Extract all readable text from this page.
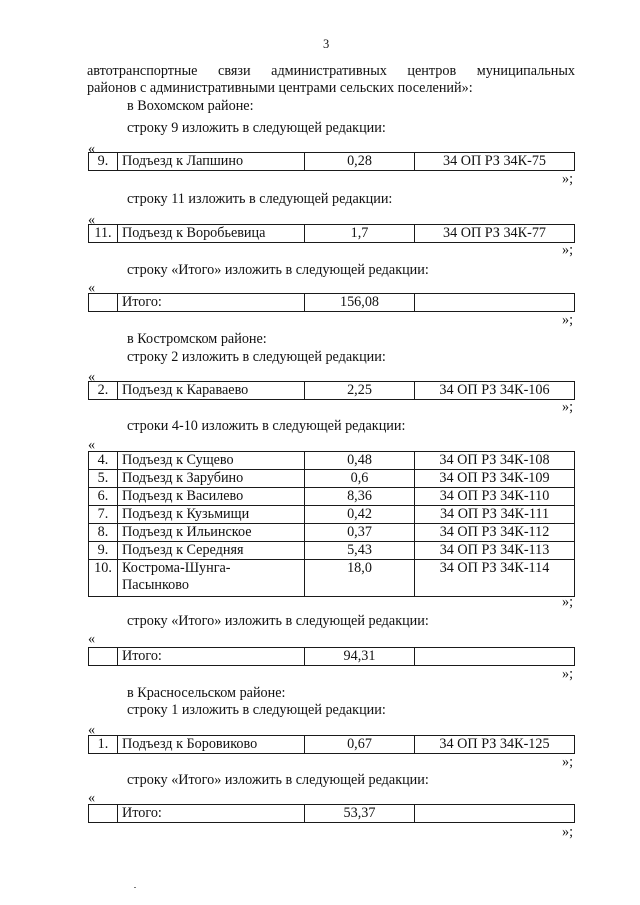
3
автотранспортные связи административных центров муниципальных
районов с административными центрами сельских поселений»:
в Вохомском районе:
строку 9 изложить в следующей редакции:
«
9.	Подъезд к Лапшино	0,28	34 ОП РЗ 34К-75
»;
строку 11 изложить в следующей редакции:
«
11.	Подъезд к Воробьевица	1,7	34 ОП РЗ 34К-77
»;
строку «Итого» изложить в следующей редакции:
«
	Итого:	156,08	
»;
в Костромском районе:
строку 2 изложить в следующей редакции:
«
2.	Подъезд к Караваево	2,25	34 ОП РЗ 34К-106
»;
строки 4-10 изложить в следующей редакции:
«
4.	Подъезд к Сущево	0,48	34 ОП РЗ 34К-108
5.	Подъезд к Зарубино	0,6	34 ОП РЗ 34К-109
6.	Подъезд к Василево	8,36	34 ОП РЗ 34К-110
7.	Подъезд к Кузьмищи	0,42	34 ОП РЗ 34К-111
8.	Подъезд к Ильинское	0,37	34 ОП РЗ 34К-112
9.	Подъезд к Середняя	5,43	34 ОП РЗ 34К-113
10.	Кострома-Шунга-
Пасынково	18,0	34 ОП РЗ 34К-114
»;
строку «Итого» изложить в следующей редакции:
«
	Итого:	94,31	
»;
в Красносельском районе:
строку 1 изложить в следующей редакции:
«
1.	Подъезд к Боровиково	0,67	34 ОП РЗ 34К-125
»;
строку «Итого» изложить в следующей редакции:
«
	Итого:	53,37	
»;
